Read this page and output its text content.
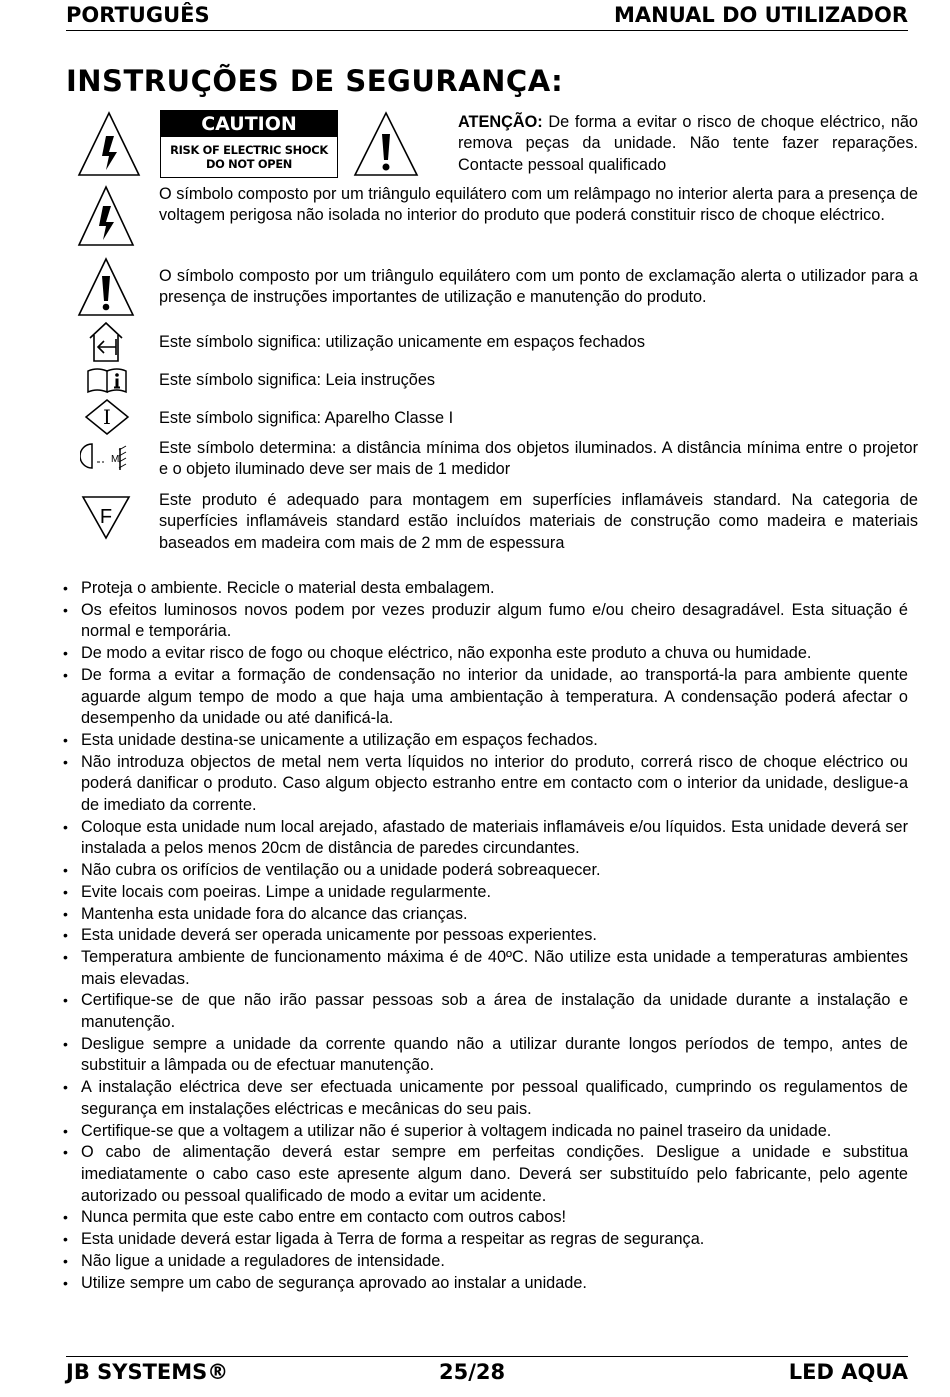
PORTUGUÊS	MANUAL DO UTILIZADOR
INSTRUÇÕES DE SEGURANÇA:
CAUTION
RISK OF ELECTRIC SHOCK
DO NOT OPEN
ATENÇÃO: De forma a evitar o risco de choque eléctrico, não remova peças da unidade. Não tente fazer reparações. Contacte pessoal qualificado
O símbolo composto por um triângulo equilátero com um relâmpago no interior alerta para a presença de voltagem perigosa não isolada no interior do produto que poderá constituir risco de choque eléctrico.
O símbolo composto por um triângulo equilátero com um ponto de exclamação alerta o utilizador para a presença de instruções importantes de utilização e manutenção do produto.
Este símbolo significa: utilização unicamente em espaços fechados
Este símbolo significa: Leia instruções
I	Este símbolo significa: Aparelho Classe I
M
Este símbolo determina: a distância mínima dos objetos iluminados. A distância mínima entre o projetor e o objeto iluminado deve ser mais de 1 medidor
F
Este produto é adequado para montagem em superfícies inflamáveis standard. Na categoria de superfícies inflamáveis standard estão incluídos materiais de construção como madeira e materiais baseados em madeira com mais de 2 mm de espessura
• Proteja o ambiente. Recicle o material desta embalagem.
• Os efeitos luminosos novos podem por vezes produzir algum fumo e/ou cheiro desagradável. Esta situação é normal e temporária.
• De modo a evitar risco de fogo ou choque eléctrico, não exponha este produto a chuva ou humidade.
• De forma a evitar a formação de condensação no interior da unidade, ao transportá-la para ambiente quente aguarde algum tempo de modo a que haja uma ambientação à temperatura. A condensação poderá afectar o desempenho da unidade ou até danificá-la.
• Esta unidade destina-se unicamente a utilização em espaços fechados.
• Não introduza objectos de metal nem verta líquidos no interior do produto, correrá risco de choque eléctrico ou poderá danificar o produto. Caso algum objecto estranho entre em contacto com o interior da unidade, desligue-a de imediato da corrente.
• Coloque esta unidade num local arejado, afastado de materiais inflamáveis e/ou líquidos. Esta unidade deverá ser instalada a pelos menos 20cm de distância de paredes circundantes.
• Não cubra os orifícios de ventilação ou a unidade poderá sobreaquecer.
• Evite locais com poeiras. Limpe a unidade regularmente.
• Mantenha esta unidade fora do alcance das crianças.
• Esta unidade deverá ser operada unicamente por pessoas experientes.
• Temperatura ambiente de funcionamento máxima é de 40ºC. Não utilize esta unidade a temperaturas ambientes mais elevadas.
• Certifique-se de que não irão passar pessoas sob a área de instalação da unidade durante a instalação e manutenção.
• Desligue sempre a unidade da corrente quando não a utilizar durante longos períodos de tempo, antes de substituir a lâmpada ou de efectuar manutenção.
• A instalação eléctrica deve ser efectuada unicamente por pessoal qualificado, cumprindo os regulamentos de segurança em instalações eléctricas e mecânicas do seu pais.
• Certifique-se que a voltagem a utilizar não é superior à voltagem indicada no painel traseiro da unidade.
• O cabo de alimentação deverá estar sempre em perfeitas condições. Desligue a unidade e substitua imediatamente o cabo caso este apresente algum dano. Deverá ser substituído pelo fabricante, pelo agente autorizado ou pessoal qualificado de modo a evitar um acidente.
• Nunca permita que este cabo entre em contacto com outros cabos!
• Esta unidade deverá estar ligada à Terra de forma a respeitar as regras de segurança.
• Não ligue a unidade a reguladores de intensidade.
• Utilize sempre um cabo de segurança aprovado ao instalar a unidade.
JB SYSTEMS®	25/28	LED AQUA
